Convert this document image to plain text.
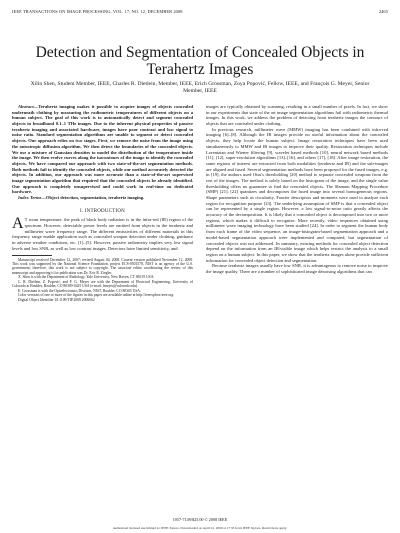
IEEE TRANSACTIONS ON IMAGE PROCESSING, VOL. 17, NO. 12, DECEMBER 2008	2465
Detection and Segmentation of Concealed Objects in Terahertz Images
Xilin Shen, Student Member, IEEE, Charles R. Dietlein, Member, IEEE, Erich Grossman, Zoya Popović, Fellow, IEEE, and François G. Meyer, Senior Member, IEEE

Abstract—Terahertz imaging makes it possible to acquire images of objects concealed underneath clothing by measuring the radiometric temperatures of different objects on a human subject. The goal of this work is to automatically detect and segment concealed objects in broadband 0.1–1 THz images. Due to the inherent physical properties of passive terahertz imaging and associated hardware, images have poor contrast and low signal to noise ratio. Standard segmentation algorithms are unable to segment or detect concealed objects. Our approach relies on two stages. First, we remove the noise from the image using the anisotropic diffusion algorithm. We then detect the boundaries of the concealed objects. We use a mixture of Gaussian densities to model the distribution of the temperature inside the image. We then evolve curves along the isocontours of the image to identify the concealed objects. We have compared our approach with two state-of-the-art segmentation methods. Both methods fail to identify the concealed objects, while our method accurately detected the objects. In addition, our approach was more accurate than a state-of-the-art supervised image segmentation algorithm that required that the concealed objects be already identified. Our approach is completely unsupervised and could work in real-time on dedicated hardware.

Index Terms—Object detection, segmentation, terahertz imaging.

I. INTRODUCTION

A T room temperature, the peak of black body radiation is in the infra-red (IR) region of the spectrum. However, detectable power levels are emitted from objects in the terahertz and millimeter wave frequency range. The different emissivities of different materials in this frequency range enable application such as concealed weapon detection under clothing, guidance in adverse weather conditions, etc. [1]–[5]. However, passive radiometry implies very low signal levels and low SNR, as well as low contrast images. Detectors have limited sensitivity, and

Manuscript received December 12, 2007; revised August 04, 2008. Current version published November 12, 2008. This work was supported by the National Science Foundation, project ECS-0501578, NIST is an agency of the U.S. government; therefore, this work is not subject to copyright. The associate editor coordinating the review of this manuscript and approving it for publication was Dr. Eric R. Ziegler.

X. Shen is with the Department of Radiology, Yale University, New Haven, CT 06519 USA.

C. R. Dietlein, Z. Popović, and F. G. Meyer are with the Department of Electrical Engineering, University of Colorado at Boulder, Boulder, CO 80309-0425 USA (e-mail: fmeyer@colorado.edu).

E. Grossman is with the Optoelectronics Division, NIST, Boulder, CO 80305 USA.

Color versions of one or more of the figures in this paper are available online at http://ieeexplore.ieee.org.

Digital Object Identifier 10.1109/TIP.2008.2006662

images are typically obtained by scanning, resulting in a small number of pixels. In fact, we show in our experiments that state of the art image segmentation algorithms fail with radiometric thermal images. In this work, we address the problem of detecting from terahertz images the contours of objects that are concealed under clothing.

In previous research, millimeter wave (MMW) imaging has been combined with infra-red imaging [6]–[8]. Although the IR images provide no useful information about the concealed objects, they help locate the human subject. Image restoration techniques have been used simultaneously to MMW and IR images to improve their quality. Restoration techniques include Lorentzian and Wiener filtering [9], wavelet based methods [10], neural network based methods [11], [12], super-resolution algorithms [13]–[16], and others [17], [18]. After image restoration, the same regions of interest are extracted from both modalities (terahertz and IR) and the sub-images are aligned and fused. Several segmentation methods have been proposed for the fused images, e.g. in [19], the authors used Otsu's thresholding [20] method to separate concealed weapons from the rest of the images. The method is solely based on the histogram of the image, and the single value thresholding offers no guarantee to find the concealed objects. The Slamani Mapping Procedure (SMP) [21], [22] quantizes and decomposes the fused image into several homogeneous regions. Shape parameters such as circularity, Fourier descriptors and moments were used to analyze each region for recognition purpose [23]. The underlying assumption of SMP is that a concealed object can be represented by a single region. However, a low signal-to-noise ratio greatly affects the accuracy of the decomposition. It is likely that a concealed object is decomposed into two or more regions, which makes it difficult to recognize. More recently, video sequences obtained using millimeter wave imaging technology have been studied [24]. In order to segment the human body from each frame of the video sequence, an image-histogram-based segmentation approach and a model-based segmentation approach were implemented and compared, but segmentation of concealed objects was not addressed. In summary, existing methods for concealed object detection depend on the information from an IR/visible image which helps restrict the analysis to a small region on a human subject. In this paper, we show that the terahertz images alone provide sufficient information for concealed object detection and segmentation.

Because terahertz images usually have low SNR, it is advantageous to remove noise to improve the image quality. There are a number of sophisticated image denoising algorithms that can

1057-7149/$25.00 © 2008 IEEE
Authorized licensed use limited to: IEEE Xplore. Downloaded on April 22, 2009 at 17:33 from IEEE Xplore. Restrictions apply.
